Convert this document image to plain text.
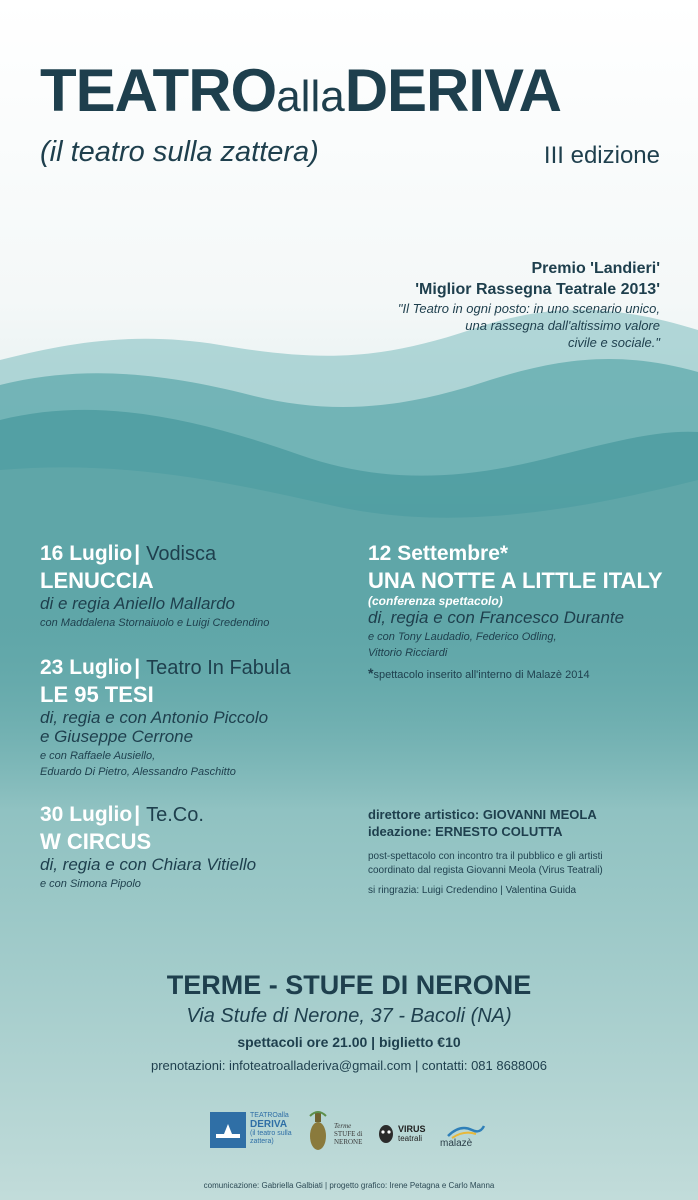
TEATROallaDERIVA
(il teatro sulla zattera)	III edizione
Premio 'Landieri'
'Miglior Rassegna Teatrale 2013'
"Il Teatro in ogni posto: in uno scenario unico,
una rassegna dall'altissimo valore
civile e sociale."
16 Luglio| Vodisca
LENUCCIA
di e regia Aniello Mallardo
con Maddalena Stornaiuolo e Luigi Credendino
23 Luglio| Teatro In Fabula
LE 95 TESI
di, regia e con Antonio Piccolo
e Giuseppe Cerrone
e con Raffaele Ausiello,
Eduardo Di Pietro, Alessandro Paschitto
30 Luglio| Te.Co.
W CIRCUS
di, regia e con Chiara Vitiello
e con Simona Pipolo
12 Settembre*
UNA NOTTE A LITTLE ITALY
(conferenza spettacolo)
di, regia e con Francesco Durante
e con Tony Laudadio, Federico Odling,
Vittorio Ricciardi
*spettacolo inserito all'interno di Malazè 2014
direttore artistico: GIOVANNI MEOLA
ideazione: ERNESTO COLUTTA
post-spettacolo con incontro tra il pubblico e gli artisti
coordinato dal regista Giovanni Meola (Virus Teatrali)
si ringrazia: Luigi Credendino | Valentina Guida
TERME - STUFE DI NERONE
Via Stufe di Nerone, 37 - Bacoli (NA)
spettacoli ore 21.00 | biglietto €10
prenotazioni: infoteatroalladeriva@gmail.com | contatti: 081 8688006
TEATROalla
DERIVA
(il teatro sulla
zattera)
Terme
STUFE di
NERONE
VIRUS
teatrali	malazè
comunicazione: Gabriella Galbiati | progetto grafico: Irene Petagna e Carlo Manna
